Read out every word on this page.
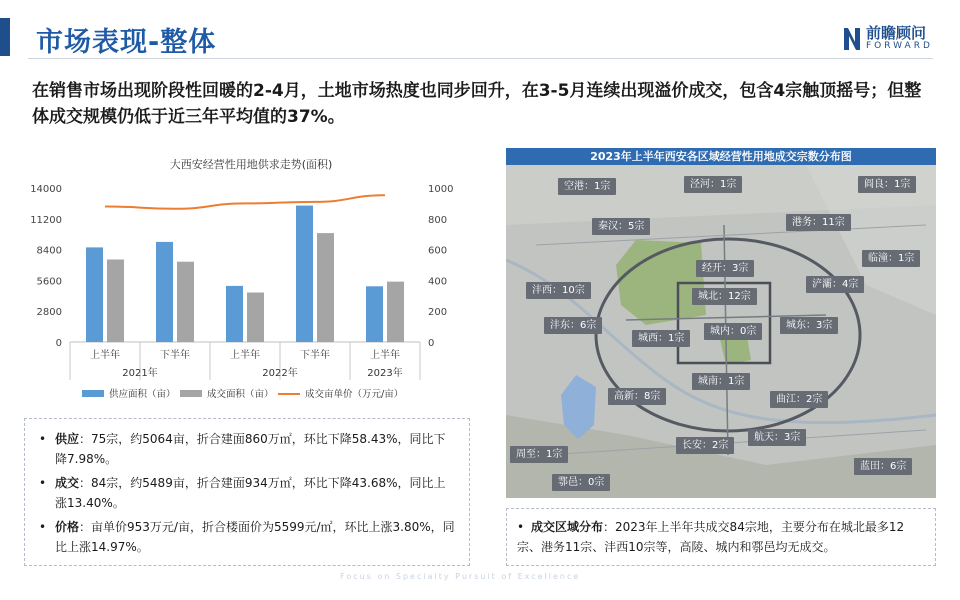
市场表现-整体	前瞻顾问
FORWARD
在销售市场出现阶段性回暖的2-4月，土地市场热度也同步回升，在3-5月连续出现溢价成交，包含4宗触顶摇号；但整体成交规模仍低于近三年平均值的37%。
大西安经营性用地供求走势(面积)
0
2800
5600
8400
11200
14000
0
200
400
600
800
1000
上半年	下半年	上半年	下半年	上半年
2021年	2022年	2023年
供应面积（亩）	成交面积（亩）	成交亩单价（万元/亩）
• 供应：75宗，约5064亩，折合建面860万㎡，环比下降58.43%，同比下降7.98%。
• 成交：84宗，约5489亩，折合建面934万㎡，环比下降43.68%，同比上涨13.40%。
• 价格：亩单价953万元/亩，折合楼面价为5599元/㎡，环比上涨3.80%，同比上涨14.97%。
2023年上半年西安各区域经营性用地成交宗数分布图
空港：1宗	泾河：1宗	阎良：1宗
秦汉：5宗	港务：11宗
临潼：1宗
经开：3宗
沣西：10宗
浐灞：4宗
城北：12宗
沣东：6宗
城西：1宗
城内：0宗
城东：3宗
高新：8宗
城南：1宗
曲江：2宗
航天：3宗
长安：2宗
周至：1宗
蓝田：6宗
鄠邑：0宗
• 成交区域分布：2023年上半年共成交84宗地，主要分布在城北最多12宗、港务11宗、沣西10宗等，高陵、城内和鄠邑均无成交。
Focus on Specialty Pursuit of Excellence
